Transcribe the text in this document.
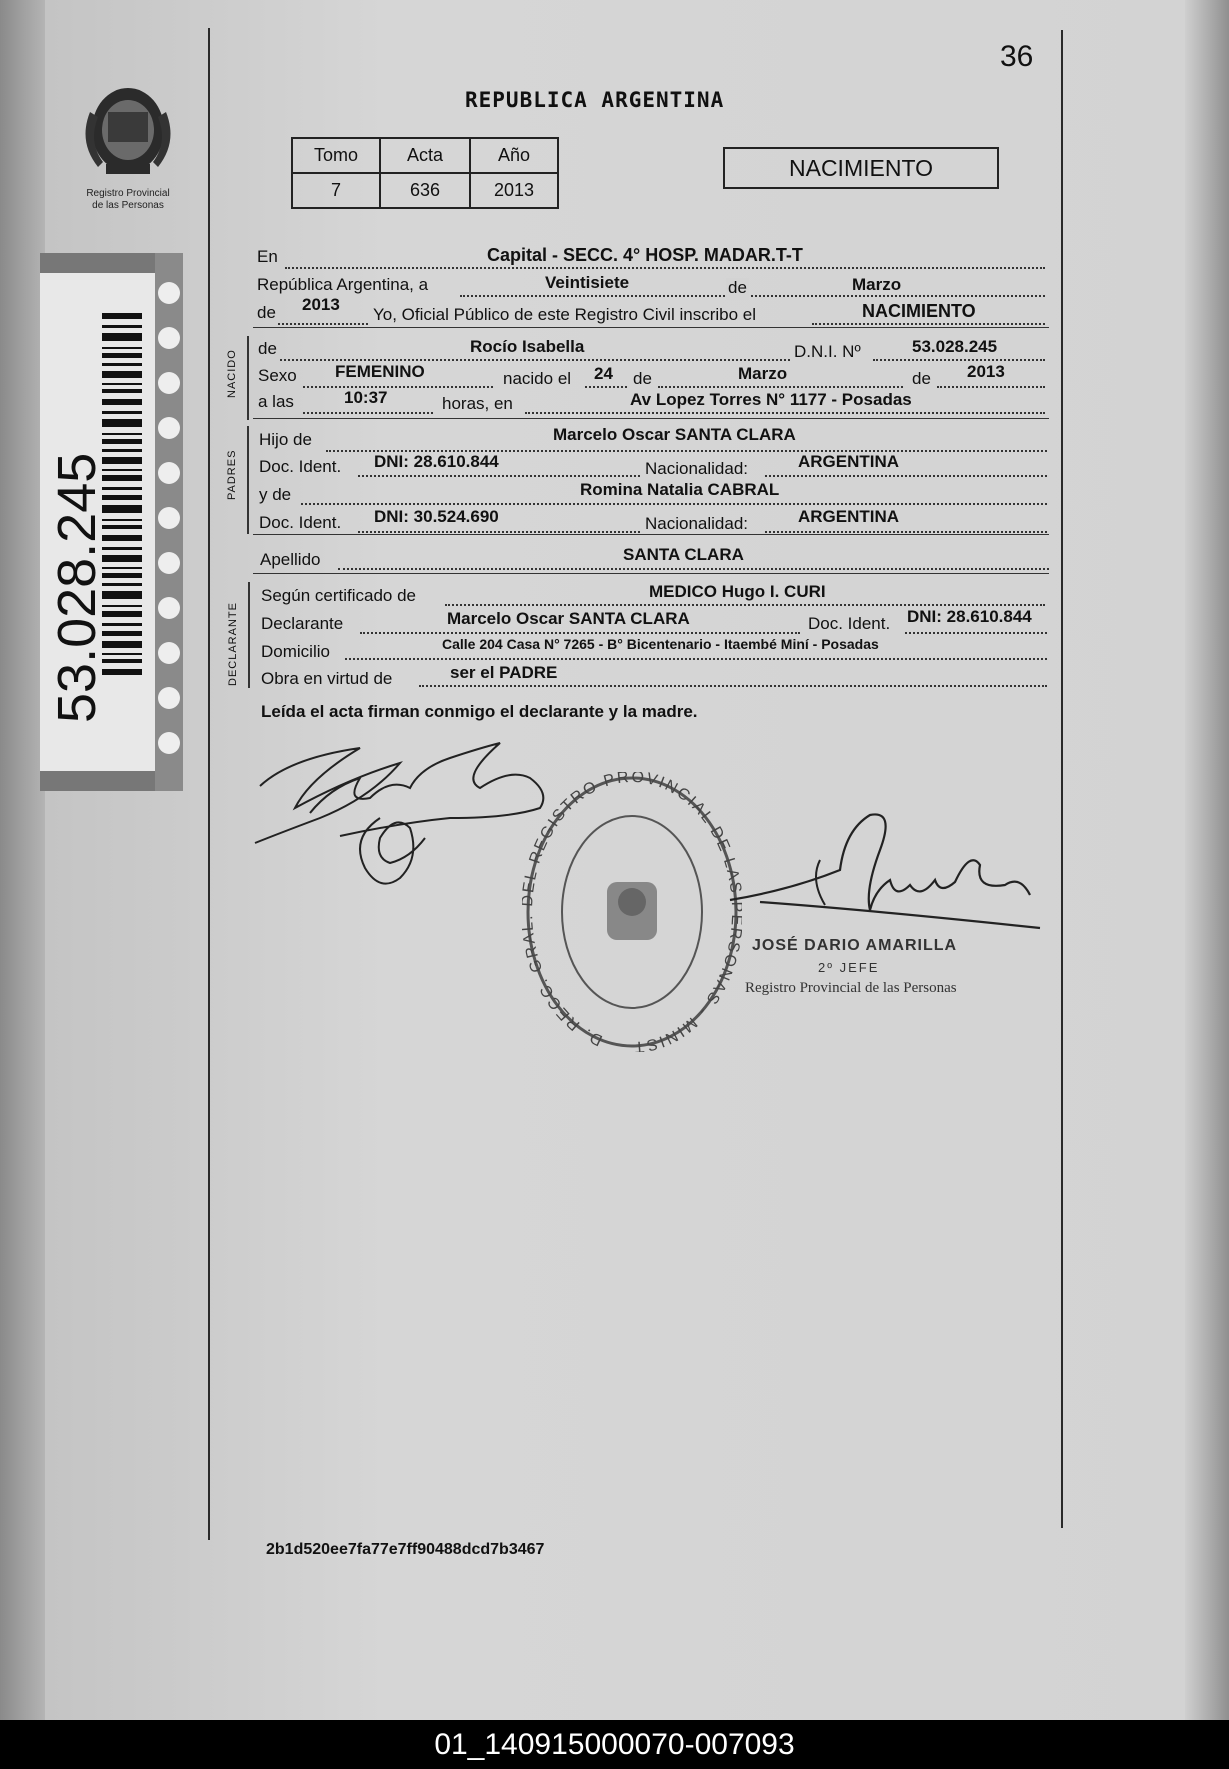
Registro Provincial
de las Personas
53.028.245
36
REPUBLICA ARGENTINA
Tomo	Acta	Año
7	636	2013
NACIMIENTO
En	Capital - SECC. 4° HOSP. MADAR.T-T
República Argentina, a	Veintisiete	de	Marzo
de 2013
Yo, Oficial Público de este Registro Civil inscribo el	NACIMIENTO
NACIDO
de	Rocío Isabella	D.N.I. Nº	53.028.245
Sexo FEMENINO	nacido el 24 de	Marzo	de 2013
a las	10:37	horas, en	Av Lopez Torres N° 1177 - Posadas
PADRES
Hijo de	Marcelo Oscar SANTA CLARA
Doc. Ident. DNI: 28.610.844	Nacionalidad:	ARGENTINA
y de	Romina Natalia CABRAL
Doc. Ident. DNI: 30.524.690	Nacionalidad:	ARGENTINA
Apellido	SANTA CLARA
DECLARANTE
Según certificado de	MEDICO Hugo I. CURI
Declarante	Marcelo Oscar SANTA CLARA	Doc. Ident. DNI: 28.610.844
Domicilio	Calle 204 Casa N° 7265 - B° Bicentenario - Itaembé Miní - Posadas
Obra en virtud de	ser el PADRE
Leída el acta firman conmigo el declarante y la madre.
D. RECC. GR L REGISTRO PROVINCIAL DE LA SONAS - MINIST
JOSÉ DARIO AMARILLA
2º JEFE
Registro Provincial de las Personas
2b1d520ee7fa77e7ff90488dcd7b3467
01_140915000070-007093
